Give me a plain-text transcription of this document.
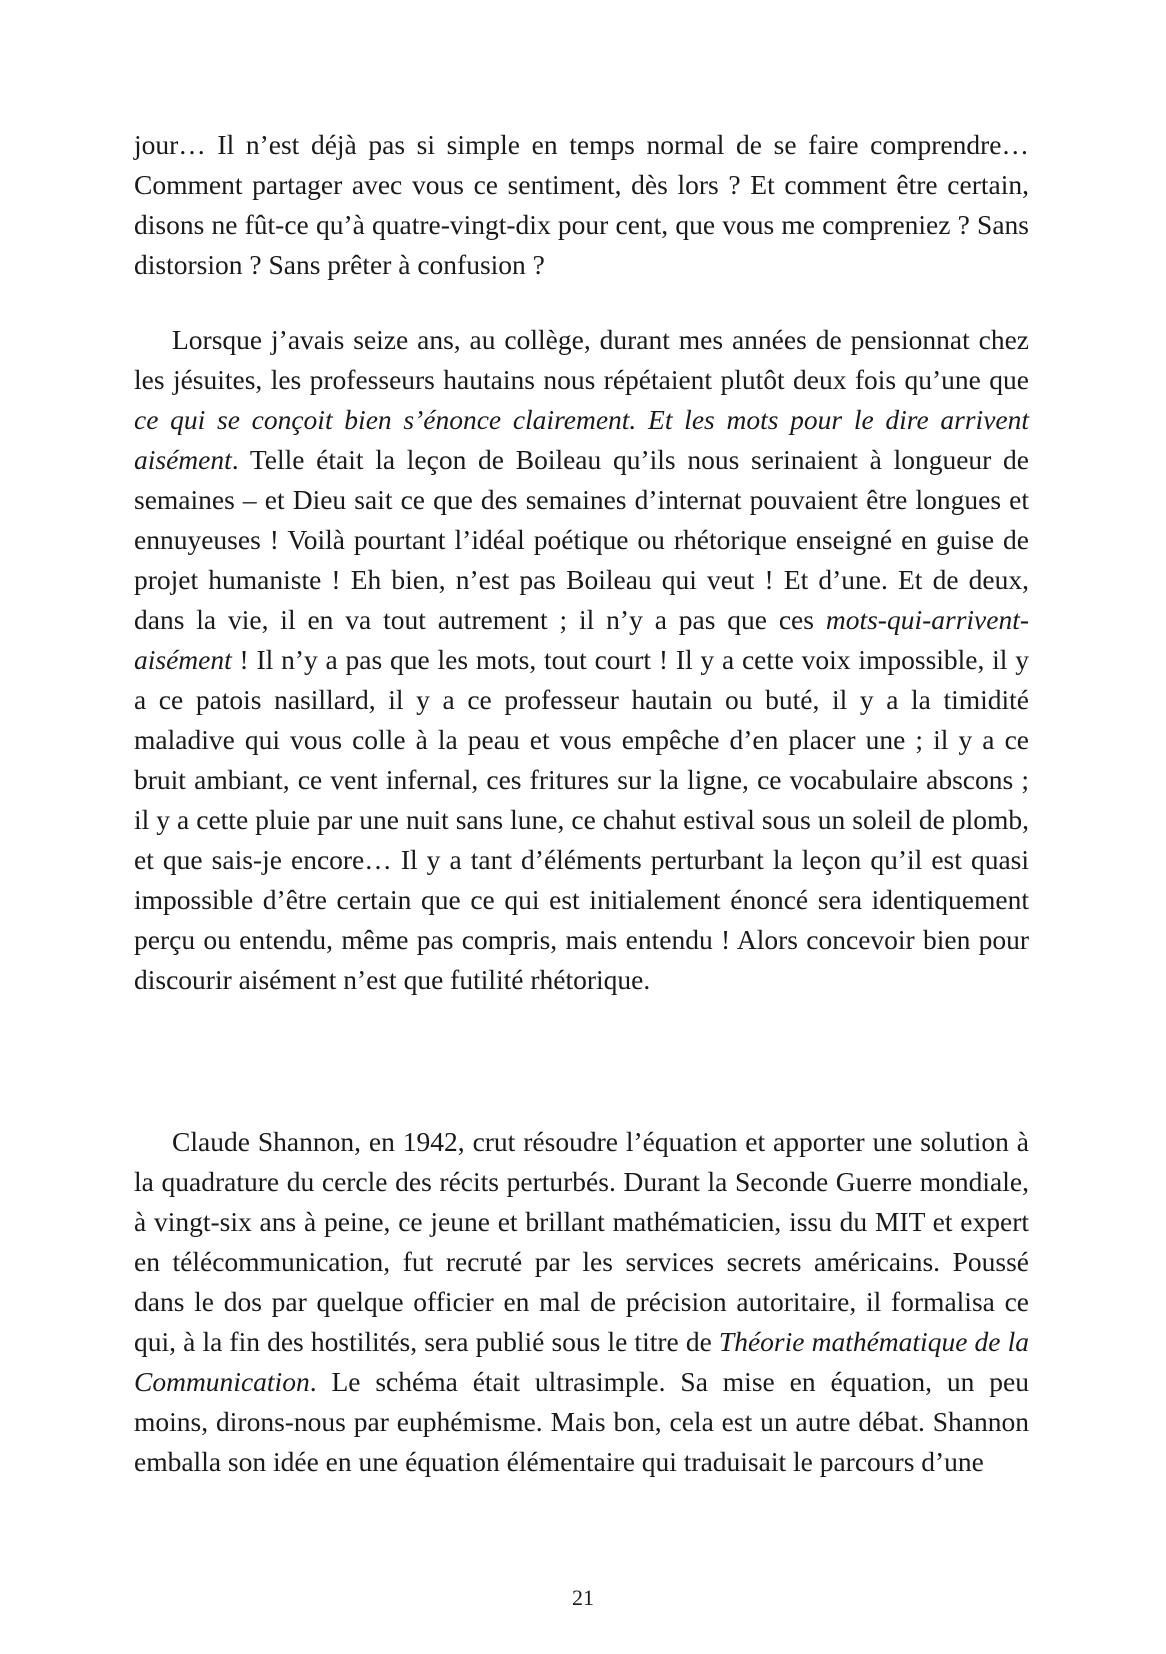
jour… Il n’est déjà pas si simple en temps normal de se faire comprendre… Comment partager avec vous ce sentiment, dès lors ? Et comment être certain, disons ne fût-ce qu’à quatre-vingt-dix pour cent, que vous me compreniez ? Sans distorsion ? Sans prêter à confusion ?

Lorsque j’avais seize ans, au collège, durant mes années de pensionnat chez les jésuites, les professeurs hautains nous répétaient plutôt deux fois qu’une que ce qui se conçoit bien s’énonce clairement. Et les mots pour le dire arrivent aisément. Telle était la leçon de Boileau qu’ils nous serinaient à longueur de semaines – et Dieu sait ce que des semaines d’internat pouvaient être longues et ennuyeuses ! Voilà pourtant l’idéal poétique ou rhétorique enseigné en guise de projet humaniste ! Eh bien, n’est pas Boileau qui veut ! Et d’une. Et de deux, dans la vie, il en va tout autrement ; il n’y a pas que ces mots-qui-arrivent-aisément ! Il n’y a pas que les mots, tout court ! Il y a cette voix impossible, il y a ce patois nasillard, il y a ce professeur hautain ou buté, il y a la timidité maladive qui vous colle à la peau et vous empêche d’en placer une ; il y a ce bruit ambiant, ce vent infernal, ces fritures sur la ligne, ce vocabulaire abscons ; il y a cette pluie par une nuit sans lune, ce chahut estival sous un soleil de plomb, et que sais-je encore… Il y a tant d’éléments perturbant la leçon qu’il est quasi impossible d’être certain que ce qui est initialement énoncé sera identiquement perçu ou entendu, même pas compris, mais entendu ! Alors concevoir bien pour discourir aisément n’est que futilité rhétorique.

Claude Shannon, en 1942, crut résoudre l’équation et apporter une solution à la quadrature du cercle des récits perturbés. Durant la Seconde Guerre mondiale, à vingt-six ans à peine, ce jeune et brillant mathématicien, issu du MIT et expert en télécommunication, fut recruté par les services secrets américains. Poussé dans le dos par quelque officier en mal de précision autoritaire, il formalisa ce qui, à la fin des hostilités, sera publié sous le titre de Théorie mathématique de la Communication. Le schéma était ultrasimple. Sa mise en équation, un peu moins, dirons-nous par euphémisme. Mais bon, cela est un autre débat. Shannon emballa son idée en une équation élémentaire qui traduisait le parcours d’une

21
